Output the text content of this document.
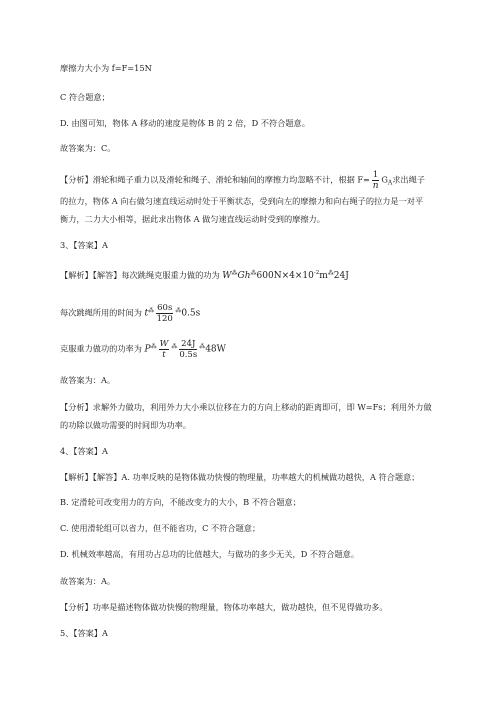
摩擦力大小为 f=F=15N
C 符合题意；
D. 由图可知，物体 A 移动的速度是物体 B 的 2 倍，D 不符合题意。
故答案为：C。
【分析】滑轮和绳子重力以及滑轮和绳子、滑轮和轴间的摩擦力均忽略不计，根据 $F= \frac{1}{n} G_A$求出绳子
的拉力，物体 A 向右做匀速直线运动时处于平衡状态，受到向左的摩擦力和向右绳子的拉力是一对平
衡力，二力大小相等，据此求出物体 A 做匀速直线运动时受到的摩擦力。
3、【答案】A
【解析】【解答】每次跳绳克服重力做的功为 $W^⁂Gh^⁂600N\times 4\times 10^{-2}m^⁂24J$
每次跳绳所用的时间为 $t^⁂ \frac{60s}{120} ^⁂0.5s$
克服重力做功的功率为 $P^⁂ \frac{W}{t} ^⁂ \frac{24J}{0.5s} ^⁂48W$
故答案为：A。
【分析】求解外力做功，利用外力大小乘以位移在力的方向上移动的距离即可，即 W=Fs；利用外力做
的功除以做功需要的时间即为功率。
4、【答案】A
【解析】【解答】A. 功率反映的是物体做功快慢的物理量，功率越大的机械做功越快，A 符合题意；
B. 定滑轮可改变用力的方向，不能改变力的大小，B 不符合题意；
C. 使用滑轮组可以省力，但不能省功，C 不符合题意；
D. 机械效率越高，有用功占总功的比值越大，与做功的多少无关，D 不符合题意。
故答案为：A。
【分析】功率是描述物体做功快慢的物理量，物体功率越大，做功越快，但不见得做功多。
5、【答案】A
